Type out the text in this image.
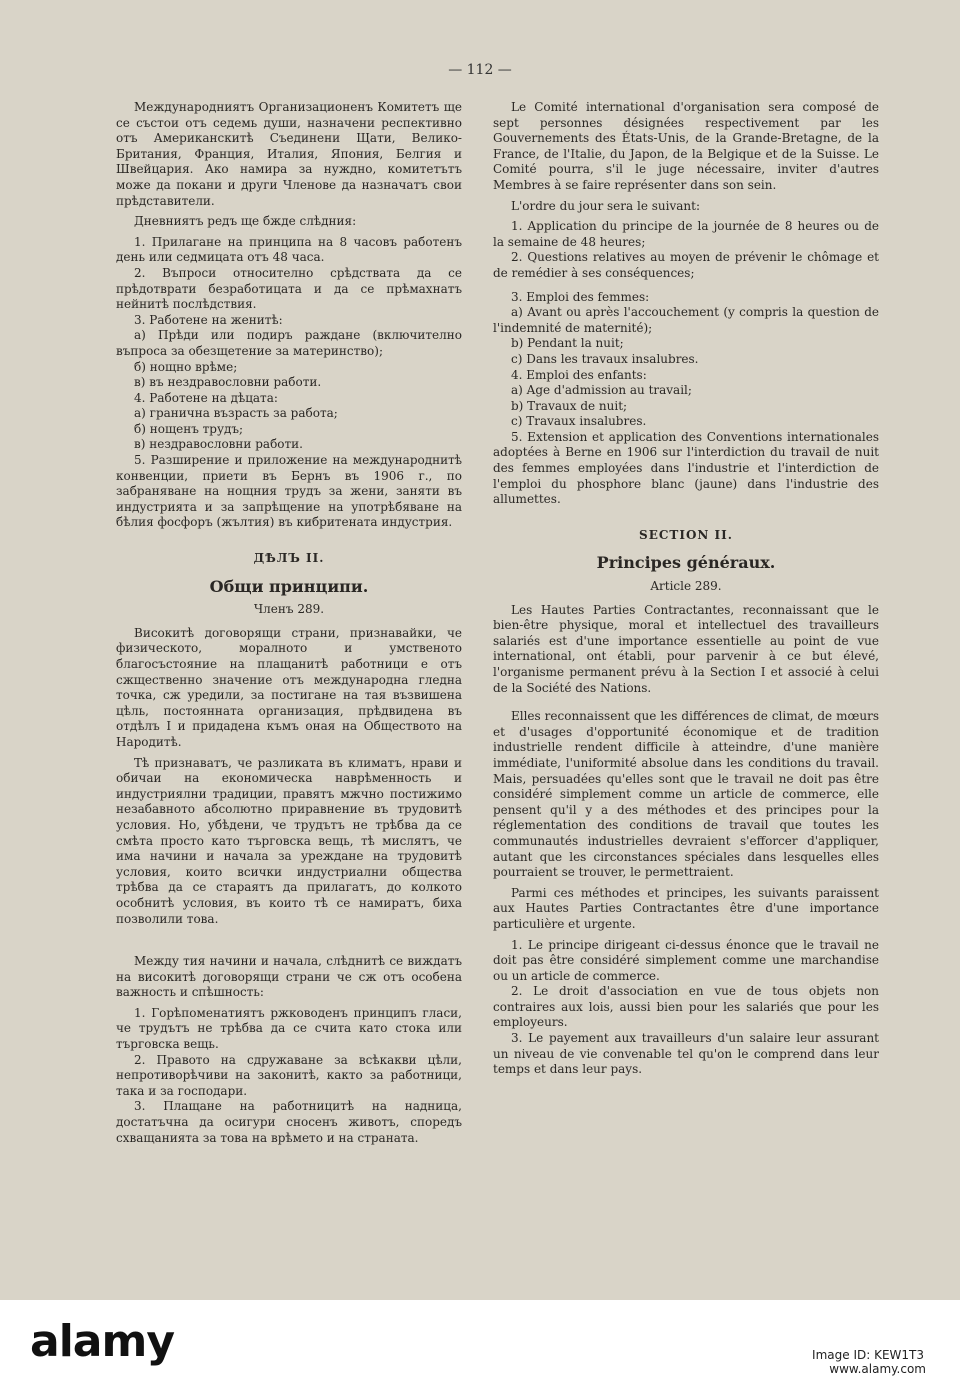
— 112 —

Международниятъ Организационенъ Комитетъ ще се състои отъ седемь души, назначени респективно отъ Американскитѣ Съединени Щати, Велико-Британия, Франция, Италия, Япония, Белгия и Швейцария. Ако намира за нуждно, комитетътъ може да покани и други Членове да назначатъ свои прѣдставители.

Дневниятъ редъ ще бжде слѣдния:

1. Прилагане на принципа на 8 часовъ работенъ день или седмицата отъ 48 часа.

2. Въпроси относително срѣдствата да се прѣдотврати безработицата и да се прѣмахнатъ нейнитѣ послѣдствия.

3. Работене на женитѣ:

а) Прѣди или подиръ раждане (включително въпроса за обезщетение за материнство);

б) нощно врѣме;

в) въ нездравословни работи.

4. Работене на дѣцата:

а) гранична възрасть за работа;

б) нощенъ трудъ;

в) нездравословни работи.

5. Разширение и приложение на международнитѣ конвенции, приети въ Бернъ въ 1906 г., по забраняване на нощния трудъ за жени, заняти въ индустрията и за запрѣщение на употрѣбяване на бѣлия фосфоръ (жълтия) въ кибритената индустрия.

ДѢЛЪ II.
Общи принципи.
Членъ 289.

Високитѣ договорящи страни, признавайки, че физическото, моралното и умственото благосъстояние на плащанитѣ работници е отъ сжщественно значение отъ международна гледна точка, сж уредили, за постигане на тая възвишена цѣль, постоянната организация, прѣдвидена въ отдѣлъ I и придадена къмъ оная на Обществото на Народитѣ.

Тѣ признаватъ, че разликата въ климатъ, нрави и обичаи на економическа наврѣменность и индустриялни традиции, правятъ мжчно постижимо незабавното абсолютно приравнение въ трудовитѣ условия. Но, убѣдени, че трудътъ не трѣбва да се смѣта просто като търговска вещь, тѣ мислятъ, че има начини и начала за уреждане на трудовитѣ условия, които всички индустриални общества трѣбва да се стараятъ да прилагатъ, до колкото особнитѣ условия, въ които тѣ се намиратъ, биха позволили това.

Между тия начини и начала, слѣднитѣ се виждатъ на високитѣ договорящи страни че сж отъ особена важность и спѣшность:

1. Горѣпоменатиятъ ржководенъ принципъ гласи, че трудътъ не трѣбва да се счита като стока или търговска вещь.

2. Правото на сдружаване за всѣкакви цѣли, непротиворѣчиви на законитѣ, както за работници, така и за господари.

3. Плащане на работницитѣ на надница, достатъчна да осигури сносенъ животъ, споредъ схващанията за това на врѣмето и на страната.

Le Comité international d'organisation sera composé de sept personnes désignées respectivement par les Gouvernements des États-Unis, de la Grande-Bretagne, de la France, de l'Italie, du Japon, de la Belgique et de la Suisse. Le Comité pourra, s'il le juge nécessaire, inviter d'autres Membres à se faire représenter dans son sein.

L'ordre du jour sera le suivant:

1. Application du principe de la journée de 8 heures ou de la semaine de 48 heures;

2. Questions relatives au moyen de prévenir le chômage et de remédier à ses conséquences;

3. Emploi des femmes:

a) Avant ou après l'accouchement (y compris la question de l'indemnité de maternité);

b) Pendant la nuit;

c) Dans les travaux insalubres.

4. Emploi des enfants:

a) Age d'admission au travail;

b) Travaux de nuit;

c) Travaux insalubres.

5. Extension et application des Conventions internationales adoptées à Berne en 1906 sur l'interdiction du travail de nuit des femmes employées dans l'industrie et l'interdiction de l'emploi du phosphore blanc (jaune) dans l'industrie des allumettes.

SECTION II.
Principes généraux.
Article 289.

Les Hautes Parties Contractantes, reconnaissant que le bien-être physique, moral et intellectuel des travailleurs salariés est d'une importance essentielle au point de vue international, ont établi, pour parvenir à ce but élevé, l'organisme permanent prévu à la Section I et associé à celui de la Société des Nations.

Elles reconnaissent que les différences de climat, de mœurs et d'usages d'opportunité économique et de tradition industrielle rendent difficile à atteindre, d'une manière immédiate, l'uniformité absolue dans les conditions du travail. Mais, persuadées qu'elles sont que le travail ne doit pas être considéré simplement comme un article de commerce, elle pensent qu'il y a des méthodes et des principes pour la réglementation des conditions de travail que toutes les communautés industrielles devraient s'efforcer d'appliquer, autant que les circonstances spéciales dans lesquelles elles pourraient se trouver, le permettraient.

Parmi ces méthodes et principes, les suivants paraissent aux Hautes Parties Contractantes être d'une importance particulière et urgente.

1. Le principe dirigeant ci-dessus énonce que le travail ne doit pas être considéré simplement comme une marchandise ou un article de commerce.

2. Le droit d'association en vue de tous objets non contraires aux lois, aussi bien pour les salariés que pour les employeurs.

3. Le payement aux travailleurs d'un salaire leur assurant un niveau de vie convenable tel qu'on le comprend dans leur temps et dans leur pays.

alamy	Image ID: KEW1T3
www.alamy.com
